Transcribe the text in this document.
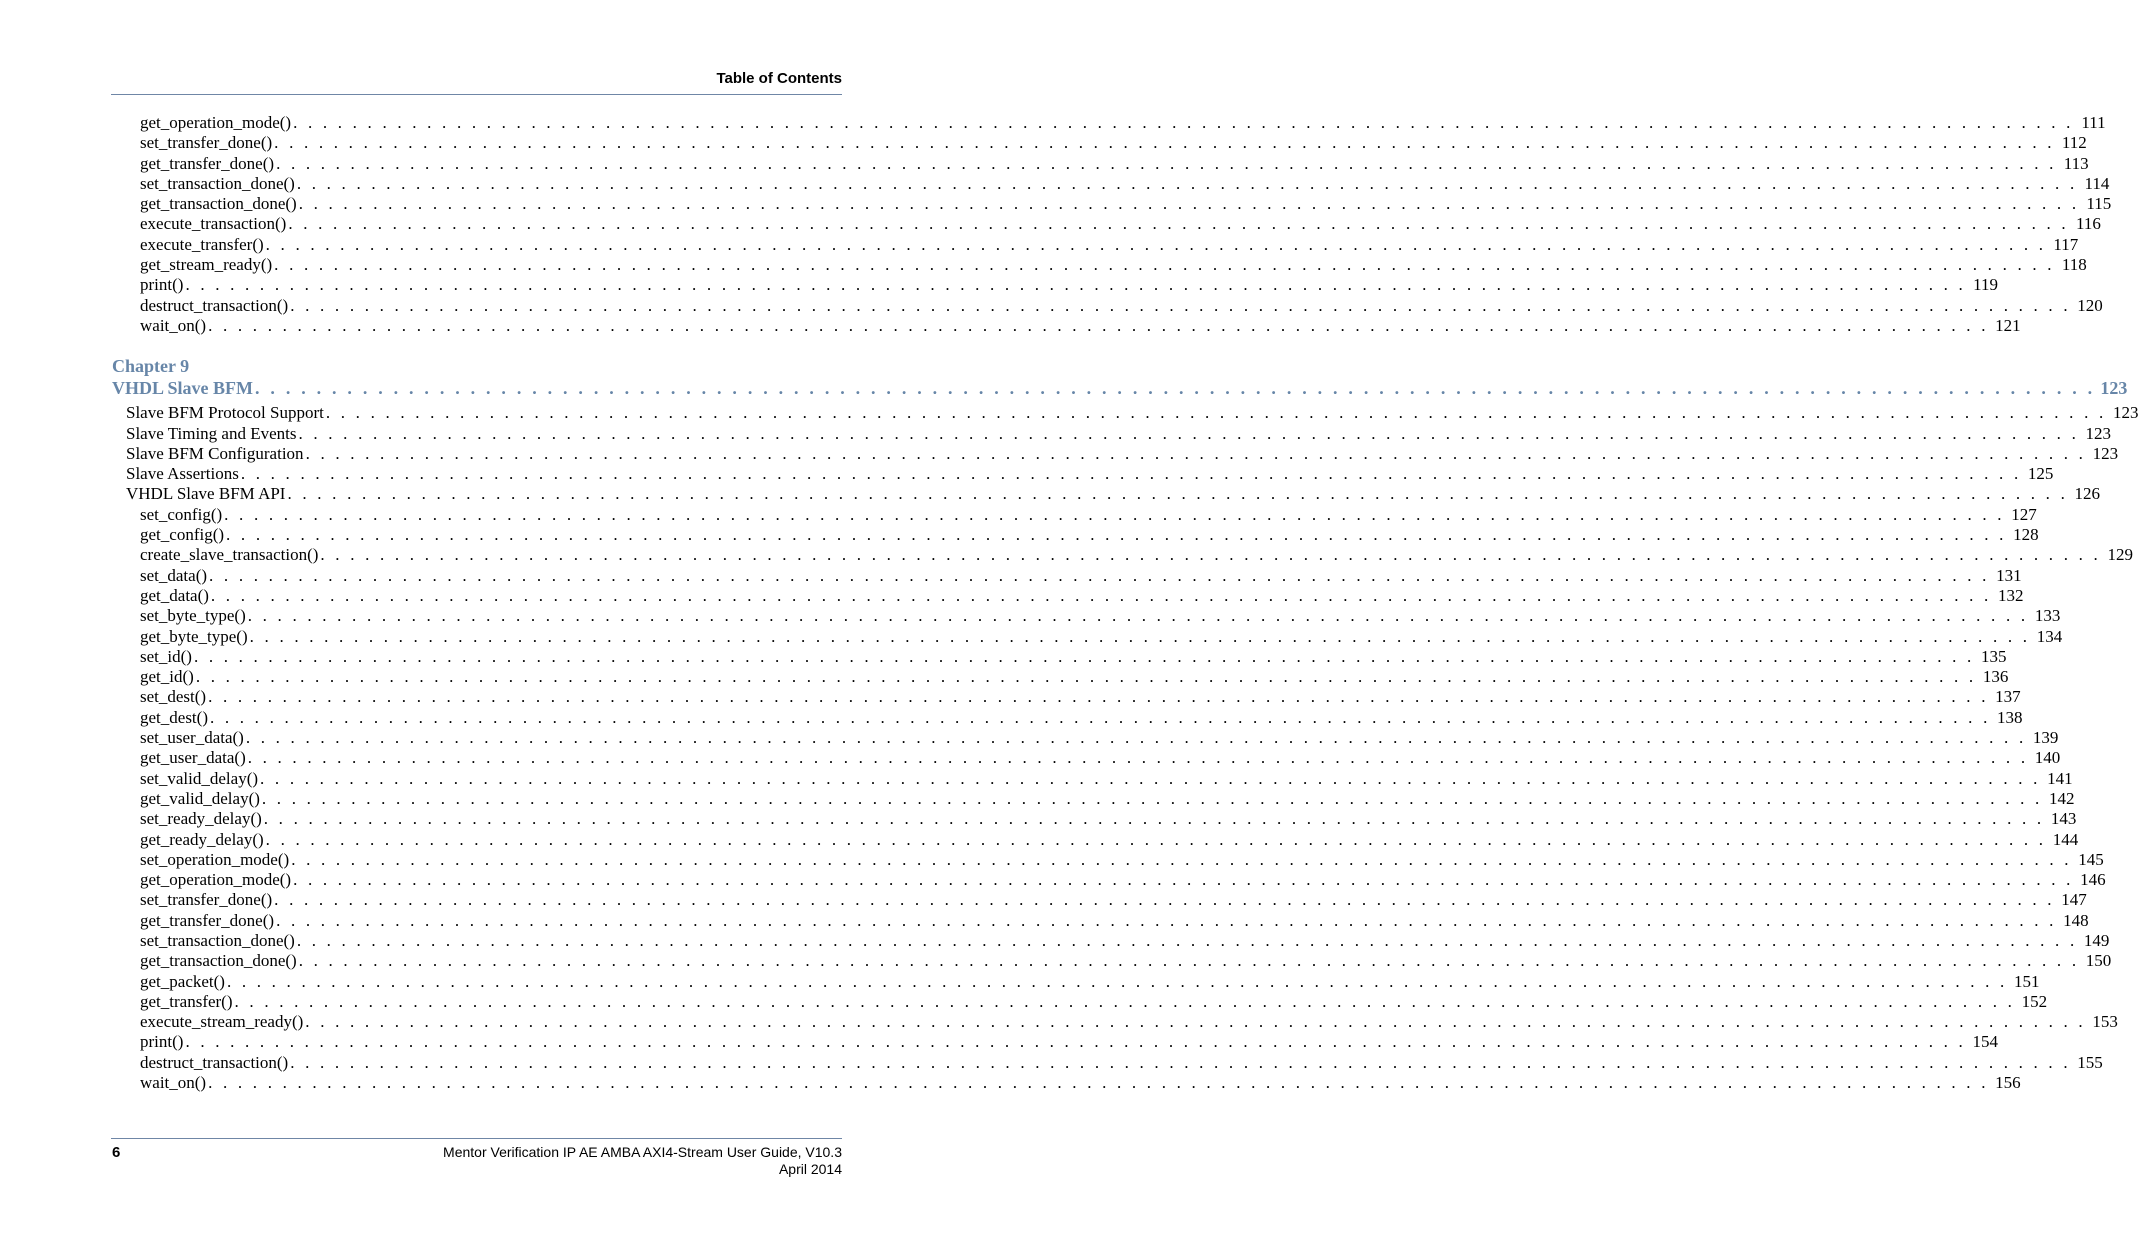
Table of Contents
get_operation_mode() . . . . . . . . . . . . . . . . . . . . . . . . . . . . . . . . . . . . . . . . . . . . . . . . . . . . . . . . . . . . . . . . . . . . . . . . . . . . . . . . . . . . . . . . . . . . . . . . . . . . . . . . . . . . . . . . . . . . . . . . 111
set_transfer_done() . . . . . . . . . . . . . . . . . . . . . . . . . . . . . . . . . . . . . . . . . . . . . . . . . . . . . . . . . . . . . . . . . . . . . . . . . . . . . . . . . . . . . . . . . . . . . . . . . . . . . . . . . . . . . . . . . . . . . . . . 112
get_transfer_done() . . . . . . . . . . . . . . . . . . . . . . . . . . . . . . . . . . . . . . . . . . . . . . . . . . . . . . . . . . . . . . . . . . . . . . . . . . . . . . . . . . . . . . . . . . . . . . . . . . . . . . . . . . . . . . . . . . . . . . . . 113
set_transaction_done() . . . . . . . . . . . . . . . . . . . . . . . . . . . . . . . . . . . . . . . . . . . . . . . . . . . . . . . . . . . . . . . . . . . . . . . . . . . . . . . . . . . . . . . . . . . . . . . . . . . . . . . . . . . . . . . . . . . . . . . . 114
get_transaction_done() . . . . . . . . . . . . . . . . . . . . . . . . . . . . . . . . . . . . . . . . . . . . . . . . . . . . . . . . . . . . . . . . . . . . . . . . . . . . . . . . . . . . . . . . . . . . . . . . . . . . . . . . . . . . . . . . . . . . . . . . 115
execute_transaction() . . . . . . . . . . . . . . . . . . . . . . . . . . . . . . . . . . . . . . . . . . . . . . . . . . . . . . . . . . . . . . . . . . . . . . . . . . . . . . . . . . . . . . . . . . . . . . . . . . . . . . . . . . . . . . . . . . . . . . . . 116
execute_transfer() . . . . . . . . . . . . . . . . . . . . . . . . . . . . . . . . . . . . . . . . . . . . . . . . . . . . . . . . . . . . . . . . . . . . . . . . . . . . . . . . . . . . . . . . . . . . . . . . . . . . . . . . . . . . . . . . . . . . . . . . 117
get_stream_ready() . . . . . . . . . . . . . . . . . . . . . . . . . . . . . . . . . . . . . . . . . . . . . . . . . . . . . . . . . . . . . . . . . . . . . . . . . . . . . . . . . . . . . . . . . . . . . . . . . . . . . . . . . . . . . . . . . . . . . . . . 118
print() . . . . . . . . . . . . . . . . . . . . . . . . . . . . . . . . . . . . . . . . . . . . . . . . . . . . . . . . . . . . . . . . . . . . . . . . . . . . . . . . . . . . . . . . . . . . . . . . . . . . . . . . . . . . . . . . . . . . . . . . 119
destruct_transaction() . . . . . . . . . . . . . . . . . . . . . . . . . . . . . . . . . . . . . . . . . . . . . . . . . . . . . . . . . . . . . . . . . . . . . . . . . . . . . . . . . . . . . . . . . . . . . . . . . . . . . . . . . . . . . . . . . . . . . . . . 120
wait_on() . . . . . . . . . . . . . . . . . . . . . . . . . . . . . . . . . . . . . . . . . . . . . . . . . . . . . . . . . . . . . . . . . . . . . . . . . . . . . . . . . . . . . . . . . . . . . . . . . . . . . . . . . . . . . . . . . . . . . . . . 121
Chapter 9
VHDL Slave BFM . . . . . . . . . . . . . . . . . . . . . . . . . . . . . . . . . . . . . . . . . . . . . . . . . . . . . . . . . . . . . . . . . . . . . . . . . . . . . . . . . . . . . . . . . . . . . . . . . . . . . . . . . . . . . . . . . . . . . . . . 123
Slave BFM Protocol Support . . . . . . . . . . . . . . . . . . . . . . . . . . . . . . . . . . . . . . . . . . . . . . . . . . . . . . . . . . . . . . . . . . . . . . . . . . . . . . . . . . . . . . . . . . . . . . . . . . . . . . . . . . . . . . . . . . . . . . . . 123
Slave Timing and Events . . . . . . . . . . . . . . . . . . . . . . . . . . . . . . . . . . . . . . . . . . . . . . . . . . . . . . . . . . . . . . . . . . . . . . . . . . . . . . . . . . . . . . . . . . . . . . . . . . . . . . . . . . . . . . . . . . . . . . . . 123
Slave BFM Configuration . . . . . . . . . . . . . . . . . . . . . . . . . . . . . . . . . . . . . . . . . . . . . . . . . . . . . . . . . . . . . . . . . . . . . . . . . . . . . . . . . . . . . . . . . . . . . . . . . . . . . . . . . . . . . . . . . . . . . . . . 123
Slave Assertions . . . . . . . . . . . . . . . . . . . . . . . . . . . . . . . . . . . . . . . . . . . . . . . . . . . . . . . . . . . . . . . . . . . . . . . . . . . . . . . . . . . . . . . . . . . . . . . . . . . . . . . . . . . . . . . . . . . . . . . . 125
VHDL Slave BFM API . . . . . . . . . . . . . . . . . . . . . . . . . . . . . . . . . . . . . . . . . . . . . . . . . . . . . . . . . . . . . . . . . . . . . . . . . . . . . . . . . . . . . . . . . . . . . . . . . . . . . . . . . . . . . . . . . . . . . . . . 126
set_config() . . . . . . . . . . . . . . . . . . . . . . . . . . . . . . . . . . . . . . . . . . . . . . . . . . . . . . . . . . . . . . . . . . . . . . . . . . . . . . . . . . . . . . . . . . . . . . . . . . . . . . . . . . . . . . . . . . . . . . . . 127
get_config() . . . . . . . . . . . . . . . . . . . . . . . . . . . . . . . . . . . . . . . . . . . . . . . . . . . . . . . . . . . . . . . . . . . . . . . . . . . . . . . . . . . . . . . . . . . . . . . . . . . . . . . . . . . . . . . . . . . . . . . . 128
create_slave_transaction() . . . . . . . . . . . . . . . . . . . . . . . . . . . . . . . . . . . . . . . . . . . . . . . . . . . . . . . . . . . . . . . . . . . . . . . . . . . . . . . . . . . . . . . . . . . . . . . . . . . . . . . . . . . . . . . . . . . . . . . . 129
set_data() . . . . . . . . . . . . . . . . . . . . . . . . . . . . . . . . . . . . . . . . . . . . . . . . . . . . . . . . . . . . . . . . . . . . . . . . . . . . . . . . . . . . . . . . . . . . . . . . . . . . . . . . . . . . . . . . . . . . . . . . 131
get_data() . . . . . . . . . . . . . . . . . . . . . . . . . . . . . . . . . . . . . . . . . . . . . . . . . . . . . . . . . . . . . . . . . . . . . . . . . . . . . . . . . . . . . . . . . . . . . . . . . . . . . . . . . . . . . . . . . . . . . . . . 132
set_byte_type() . . . . . . . . . . . . . . . . . . . . . . . . . . . . . . . . . . . . . . . . . . . . . . . . . . . . . . . . . . . . . . . . . . . . . . . . . . . . . . . . . . . . . . . . . . . . . . . . . . . . . . . . . . . . . . . . . . . . . . . . 133
get_byte_type() . . . . . . . . . . . . . . . . . . . . . . . . . . . . . . . . . . . . . . . . . . . . . . . . . . . . . . . . . . . . . . . . . . . . . . . . . . . . . . . . . . . . . . . . . . . . . . . . . . . . . . . . . . . . . . . . . . . . . . . . 134
set_id() . . . . . . . . . . . . . . . . . . . . . . . . . . . . . . . . . . . . . . . . . . . . . . . . . . . . . . . . . . . . . . . . . . . . . . . . . . . . . . . . . . . . . . . . . . . . . . . . . . . . . . . . . . . . . . . . . . . . . . . . 135
get_id() . . . . . . . . . . . . . . . . . . . . . . . . . . . . . . . . . . . . . . . . . . . . . . . . . . . . . . . . . . . . . . . . . . . . . . . . . . . . . . . . . . . . . . . . . . . . . . . . . . . . . . . . . . . . . . . . . . . . . . . . 136
set_dest() . . . . . . . . . . . . . . . . . . . . . . . . . . . . . . . . . . . . . . . . . . . . . . . . . . . . . . . . . . . . . . . . . . . . . . . . . . . . . . . . . . . . . . . . . . . . . . . . . . . . . . . . . . . . . . . . . . . . . . . . 137
get_dest() . . . . . . . . . . . . . . . . . . . . . . . . . . . . . . . . . . . . . . . . . . . . . . . . . . . . . . . . . . . . . . . . . . . . . . . . . . . . . . . . . . . . . . . . . . . . . . . . . . . . . . . . . . . . . . . . . . . . . . . . 138
set_user_data() . . . . . . . . . . . . . . . . . . . . . . . . . . . . . . . . . . . . . . . . . . . . . . . . . . . . . . . . . . . . . . . . . . . . . . . . . . . . . . . . . . . . . . . . . . . . . . . . . . . . . . . . . . . . . . . . . . . . . . . . 139
get_user_data() . . . . . . . . . . . . . . . . . . . . . . . . . . . . . . . . . . . . . . . . . . . . . . . . . . . . . . . . . . . . . . . . . . . . . . . . . . . . . . . . . . . . . . . . . . . . . . . . . . . . . . . . . . . . . . . . . . . . . . . . 140
set_valid_delay() . . . . . . . . . . . . . . . . . . . . . . . . . . . . . . . . . . . . . . . . . . . . . . . . . . . . . . . . . . . . . . . . . . . . . . . . . . . . . . . . . . . . . . . . . . . . . . . . . . . . . . . . . . . . . . . . . . . . . . . . 141
get_valid_delay() . . . . . . . . . . . . . . . . . . . . . . . . . . . . . . . . . . . . . . . . . . . . . . . . . . . . . . . . . . . . . . . . . . . . . . . . . . . . . . . . . . . . . . . . . . . . . . . . . . . . . . . . . . . . . . . . . . . . . . . . 142
set_ready_delay() . . . . . . . . . . . . . . . . . . . . . . . . . . . . . . . . . . . . . . . . . . . . . . . . . . . . . . . . . . . . . . . . . . . . . . . . . . . . . . . . . . . . . . . . . . . . . . . . . . . . . . . . . . . . . . . . . . . . . . . . 143
get_ready_delay() . . . . . . . . . . . . . . . . . . . . . . . . . . . . . . . . . . . . . . . . . . . . . . . . . . . . . . . . . . . . . . . . . . . . . . . . . . . . . . . . . . . . . . . . . . . . . . . . . . . . . . . . . . . . . . . . . . . . . . . . 144
set_operation_mode() . . . . . . . . . . . . . . . . . . . . . . . . . . . . . . . . . . . . . . . . . . . . . . . . . . . . . . . . . . . . . . . . . . . . . . . . . . . . . . . . . . . . . . . . . . . . . . . . . . . . . . . . . . . . . . . . . . . . . . . . 145
get_operation_mode() . . . . . . . . . . . . . . . . . . . . . . . . . . . . . . . . . . . . . . . . . . . . . . . . . . . . . . . . . . . . . . . . . . . . . . . . . . . . . . . . . . . . . . . . . . . . . . . . . . . . . . . . . . . . . . . . . . . . . . . . 146
set_transfer_done() . . . . . . . . . . . . . . . . . . . . . . . . . . . . . . . . . . . . . . . . . . . . . . . . . . . . . . . . . . . . . . . . . . . . . . . . . . . . . . . . . . . . . . . . . . . . . . . . . . . . . . . . . . . . . . . . . . . . . . . . 147
get_transfer_done() . . . . . . . . . . . . . . . . . . . . . . . . . . . . . . . . . . . . . . . . . . . . . . . . . . . . . . . . . . . . . . . . . . . . . . . . . . . . . . . . . . . . . . . . . . . . . . . . . . . . . . . . . . . . . . . . . . . . . . . . 148
set_transaction_done() . . . . . . . . . . . . . . . . . . . . . . . . . . . . . . . . . . . . . . . . . . . . . . . . . . . . . . . . . . . . . . . . . . . . . . . . . . . . . . . . . . . . . . . . . . . . . . . . . . . . . . . . . . . . . . . . . . . . . . . . 149
get_transaction_done() . . . . . . . . . . . . . . . . . . . . . . . . . . . . . . . . . . . . . . . . . . . . . . . . . . . . . . . . . . . . . . . . . . . . . . . . . . . . . . . . . . . . . . . . . . . . . . . . . . . . . . . . . . . . . . . . . . . . . . . . 150
get_packet() . . . . . . . . . . . . . . . . . . . . . . . . . . . . . . . . . . . . . . . . . . . . . . . . . . . . . . . . . . . . . . . . . . . . . . . . . . . . . . . . . . . . . . . . . . . . . . . . . . . . . . . . . . . . . . . . . . . . . . . . 151
get_transfer() . . . . . . . . . . . . . . . . . . . . . . . . . . . . . . . . . . . . . . . . . . . . . . . . . . . . . . . . . . . . . . . . . . . . . . . . . . . . . . . . . . . . . . . . . . . . . . . . . . . . . . . . . . . . . . . . . . . . . . . . 152
execute_stream_ready() . . . . . . . . . . . . . . . . . . . . . . . . . . . . . . . . . . . . . . . . . . . . . . . . . . . . . . . . . . . . . . . . . . . . . . . . . . . . . . . . . . . . . . . . . . . . . . . . . . . . . . . . . . . . . . . . . . . . . . . . 153
print() . . . . . . . . . . . . . . . . . . . . . . . . . . . . . . . . . . . . . . . . . . . . . . . . . . . . . . . . . . . . . . . . . . . . . . . . . . . . . . . . . . . . . . . . . . . . . . . . . . . . . . . . . . . . . . . . . . . . . . . . 154
destruct_transaction() . . . . . . . . . . . . . . . . . . . . . . . . . . . . . . . . . . . . . . . . . . . . . . . . . . . . . . . . . . . . . . . . . . . . . . . . . . . . . . . . . . . . . . . . . . . . . . . . . . . . . . . . . . . . . . . . . . . . . . . . 155
wait_on() . . . . . . . . . . . . . . . . . . . . . . . . . . . . . . . . . . . . . . . . . . . . . . . . . . . . . . . . . . . . . . . . . . . . . . . . . . . . . . . . . . . . . . . . . . . . . . . . . . . . . . . . . . . . . . . . . . . . . . . . 156
6	Mentor Verification IP AE AMBA AXI4-Stream User Guide, V10.3
April 2014
